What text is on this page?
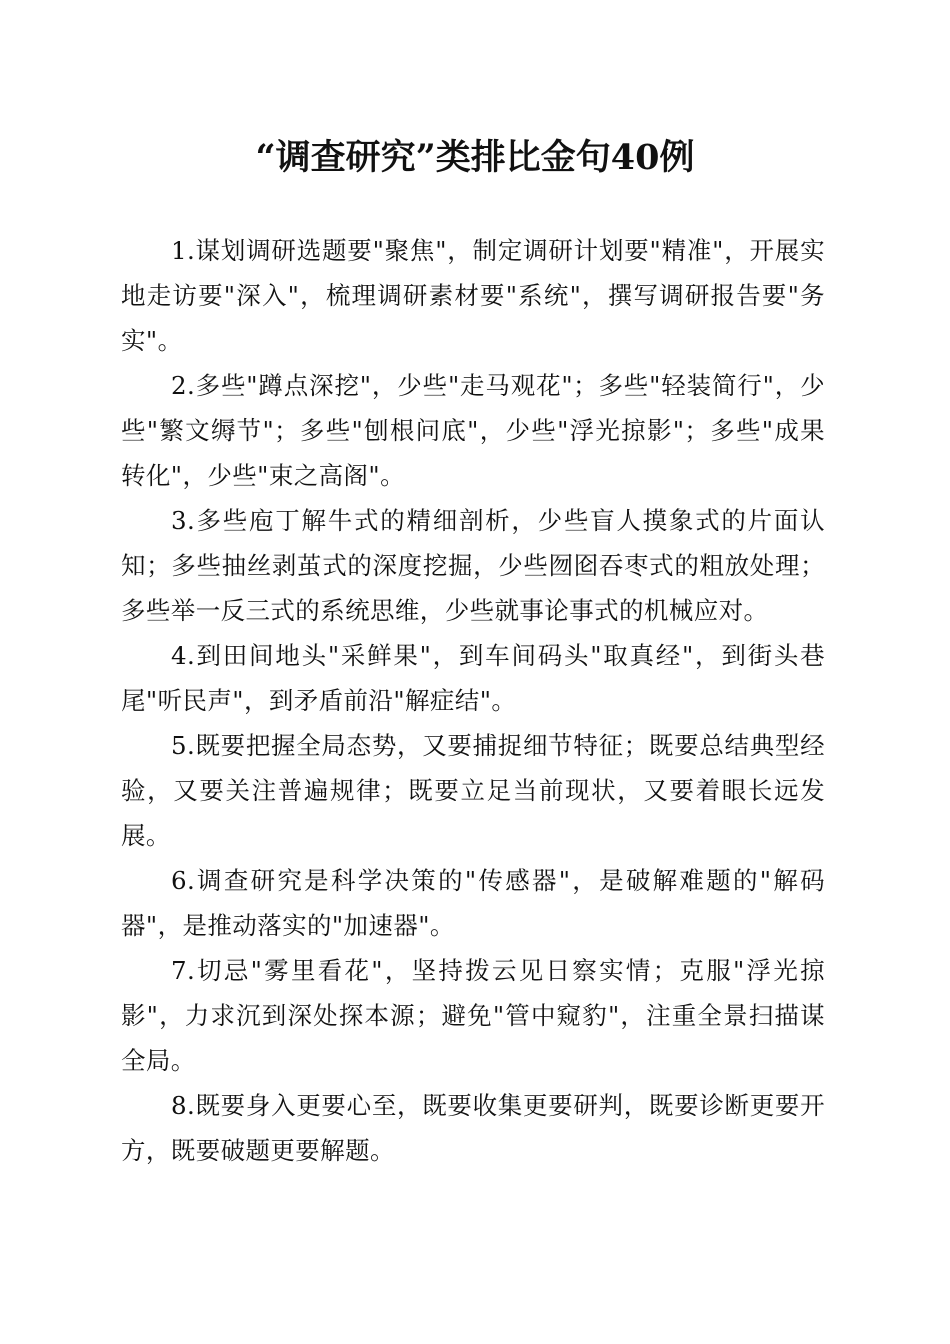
“调查研究”类排比金句40例

1.谋划调研选题要"聚焦"，制定调研计划要"精准"，开展实地走访要"深入"，梳理调研素材要"系统"，撰写调研报告要"务实"。

2.多些"蹲点深挖"，少些"走马观花"；多些"轻装简行"，少些"繁文缛节"；多些"刨根问底"，少些"浮光掠影"；多些"成果转化"，少些"束之高阁"。

3.多些庖丁解牛式的精细剖析，少些盲人摸象式的片面认知；多些抽丝剥茧式的深度挖掘，少些囫囵吞枣式的粗放处理；多些举一反三式的系统思维，少些就事论事式的机械应对。

4.到田间地头"采鲜果"，到车间码头"取真经"，到街头巷尾"听民声"，到矛盾前沿"解症结"。

5.既要把握全局态势，又要捕捉细节特征；既要总结典型经验，又要关注普遍规律；既要立足当前现状，又要着眼长远发展。

6.调查研究是科学决策的"传感器"，是破解难题的"解码器"，是推动落实的"加速器"。

7.切忌"雾里看花"，坚持拨云见日察实情；克服"浮光掠影"，力求沉到深处探本源；避免"管中窥豹"，注重全景扫描谋全局。

8.既要身入更要心至，既要收集更要研判，既要诊断更要开方，既要破题更要解题。
